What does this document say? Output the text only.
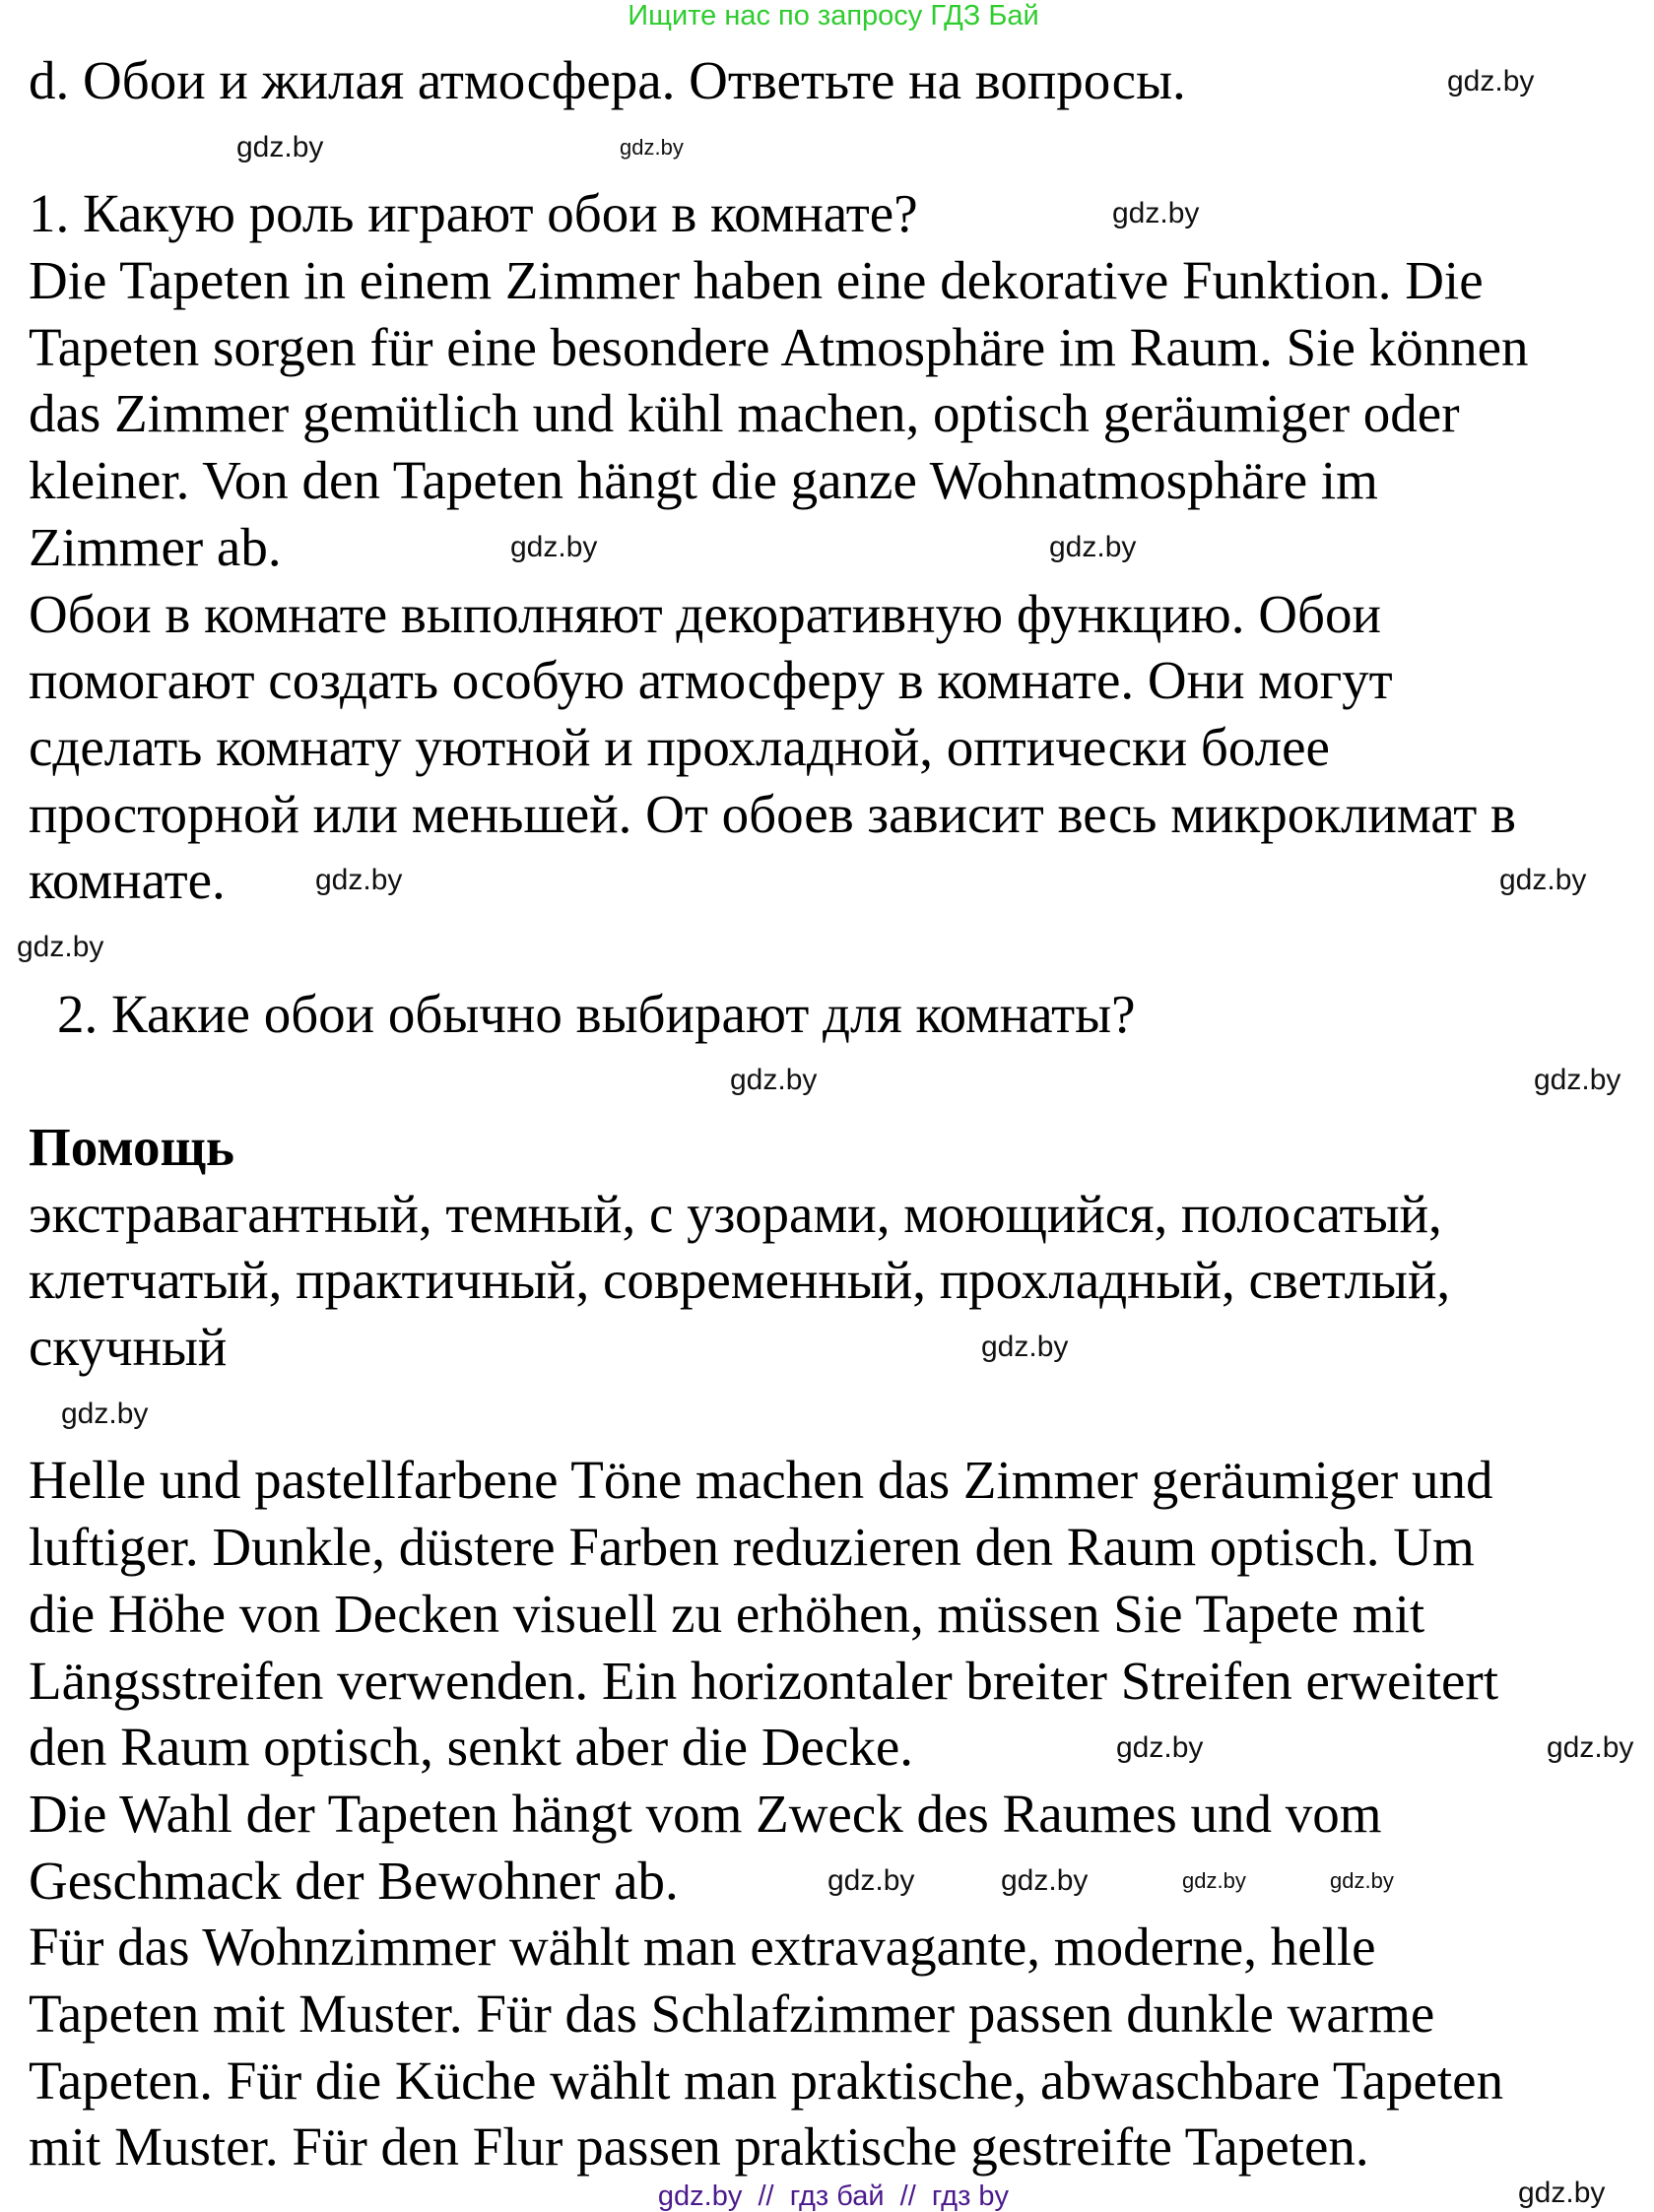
Ищите нас по запросу ГДЗ Бай
d. Обои и жилая атмосфера. Ответьте на вопросы.
1. Какую роль играют обои в комнате?
Die Tapeten in einem Zimmer haben eine dekorative Funktion. Die
Tapeten sorgen für eine besondere Atmosphäre im Raum. Sie können
das Zimmer gemütlich und kühl machen, optisch geräumiger oder
kleiner. Von den Tapeten hängt die ganze Wohnatmosphäre im
Zimmer ab.
Обои в комнате выполняют декоративную функцию. Обои
помогают создать особую атмосферу в комнате. Они могут
сделать комнату уютной и прохладной, оптически более
просторной или меньшей. От обоев зависит весь микроклимат в
комнате.
2. Какие обои обычно выбирают для комнаты?
Помощь
экстравагантный, темный, с узорами, моющийся, полосатый,
клетчатый, практичный, современный, прохладный, светлый,
скучный
Helle und pastellfarbene Töne machen das Zimmer geräumiger und
luftiger. Dunkle, düstere Farben reduzieren den Raum optisch. Um
die Höhe von Decken visuell zu erhöhen, müssen Sie Tapete mit
Längsstreifen verwenden. Ein horizontaler breiter Streifen erweitert
den Raum optisch, senkt aber die Decke.
Die Wahl der Tapeten hängt vom Zweck des Raumes und vom
Geschmack der Bewohner ab.
Für das Wohnzimmer wählt man extravagante, moderne, helle
Tapeten mit Muster. Für das Schlafzimmer passen dunkle warme
Tapeten. Für die Küche wählt man praktische, abwaschbare Tapeten
mit Muster. Für den Flur passen praktische gestreifte Tapeten.
gdz.by
gdz.by
gdz.by
gdz.by
gdz.by
gdz.by
gdz.by
gdz.by
gdz.by
gdz.by
gdz.by
gdz.by
gdz.by
gdz.by
gdz.by
gdz.by	gdz.by	gdz.by	gdz.by
gdz.by
gdz.by  //  гдз бай  //  гдз by
